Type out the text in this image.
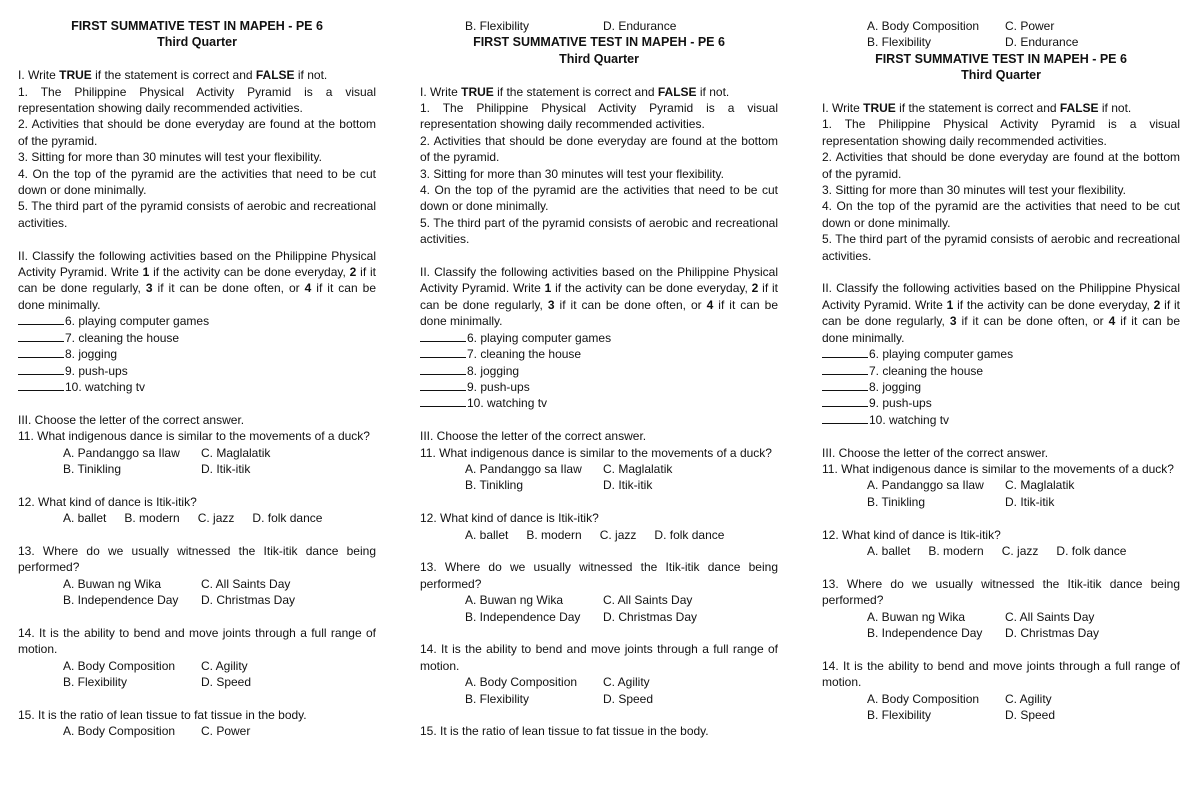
FIRST SUMMATIVE TEST IN MAPEH - PE 6
Third Quarter

I. Write TRUE if the statement is correct and FALSE if not.

1. The Philippine Physical Activity Pyramid is a visual representation showing daily recommended activities.

2. Activities that should be done everyday are found at the bottom of the pyramid.

3. Sitting for more than 30 minutes will test your flexibility.

4. On the top of the pyramid are the activities that need to be cut down or done minimally.

5. The third part of the pyramid consists of aerobic and recreational activities.

II. Classify the following activities based on the Philippine Physical Activity Pyramid. Write 1 if the activity can be done everyday, 2 if it can be done regularly, 3 if it can be done often, or 4 if it can be done minimally.

6. playing computer games
7. cleaning the house
8. jogging
9. push-ups
10. watching tv

III. Choose the letter of the correct answer.

11. What indigenous dance is similar to the movements of a duck?

A. Pandanggo sa Ilaw	C. Maglalatik
B. Tinikling	D. Itik-itik

12. What kind of dance is Itik-itik?

A. ballet B. modern C. jazz D. folk dance

13. Where do we usually witnessed the Itik-itik dance being performed?

A. Buwan ng Wika	C. All Saints Day
B. Independence Day	D. Christmas Day

14. It is the ability to bend and move joints through a full range of motion.

A. Body Composition	C. Agility
B. Flexibility	D. Speed

15. It is the ratio of lean tissue to fat tissue in the body.

A. Body Composition	C. Power
B. Flexibility	D. Endurance
FIRST SUMMATIVE TEST IN MAPEH - PE 6
Third Quarter

I. Write TRUE if the statement is correct and FALSE if not.

1. The Philippine Physical Activity Pyramid is a visual representation showing daily recommended activities.

2. Activities that should be done everyday are found at the bottom of the pyramid.

3. Sitting for more than 30 minutes will test your flexibility.

4. On the top of the pyramid are the activities that need to be cut down or done minimally.

5. The third part of the pyramid consists of aerobic and recreational activities.

II. Classify the following activities based on the Philippine Physical Activity Pyramid. Write 1 if the activity can be done everyday, 2 if it can be done regularly, 3 if it can be done often, or 4 if it can be done minimally.

6. playing computer games
7. cleaning the house
8. jogging
9. push-ups
10. watching tv

III. Choose the letter of the correct answer.

11. What indigenous dance is similar to the movements of a duck?

A. Pandanggo sa Ilaw	C. Maglalatik
B. Tinikling	D. Itik-itik

12. What kind of dance is Itik-itik?

A. ballet B. modern C. jazz D. folk dance

13. Where do we usually witnessed the Itik-itik dance being performed?

A. Buwan ng Wika	C. All Saints Day
B. Independence Day	D. Christmas Day

14. It is the ability to bend and move joints through a full range of motion.

A. Body Composition	C. Agility
B. Flexibility	D. Speed

15. It is the ratio of lean tissue to fat tissue in the body.

A. Body Composition	C. Power
B. Flexibility	D. Endurance
FIRST SUMMATIVE TEST IN MAPEH - PE 6
Third Quarter

I. Write TRUE if the statement is correct and FALSE if not.

1. The Philippine Physical Activity Pyramid is a visual representation showing daily recommended activities.

2. Activities that should be done everyday are found at the bottom of the pyramid.

3. Sitting for more than 30 minutes will test your flexibility.

4. On the top of the pyramid are the activities that need to be cut down or done minimally.

5. The third part of the pyramid consists of aerobic and recreational activities.

II. Classify the following activities based on the Philippine Physical Activity Pyramid. Write 1 if the activity can be done everyday, 2 if it can be done regularly, 3 if it can be done often, or 4 if it can be done minimally.

6. playing computer games
7. cleaning the house
8. jogging
9. push-ups
10. watching tv

III. Choose the letter of the correct answer.

11. What indigenous dance is similar to the movements of a duck?

A. Pandanggo sa Ilaw	C. Maglalatik
B. Tinikling	D. Itik-itik

12. What kind of dance is Itik-itik?

A. ballet B. modern C. jazz D. folk dance

13. Where do we usually witnessed the Itik-itik dance being performed?

A. Buwan ng Wika	C. All Saints Day
B. Independence Day	D. Christmas Day

14. It is the ability to bend and move joints through a full range of motion.

A. Body Composition	C. Agility
B. Flexibility	D. Speed
